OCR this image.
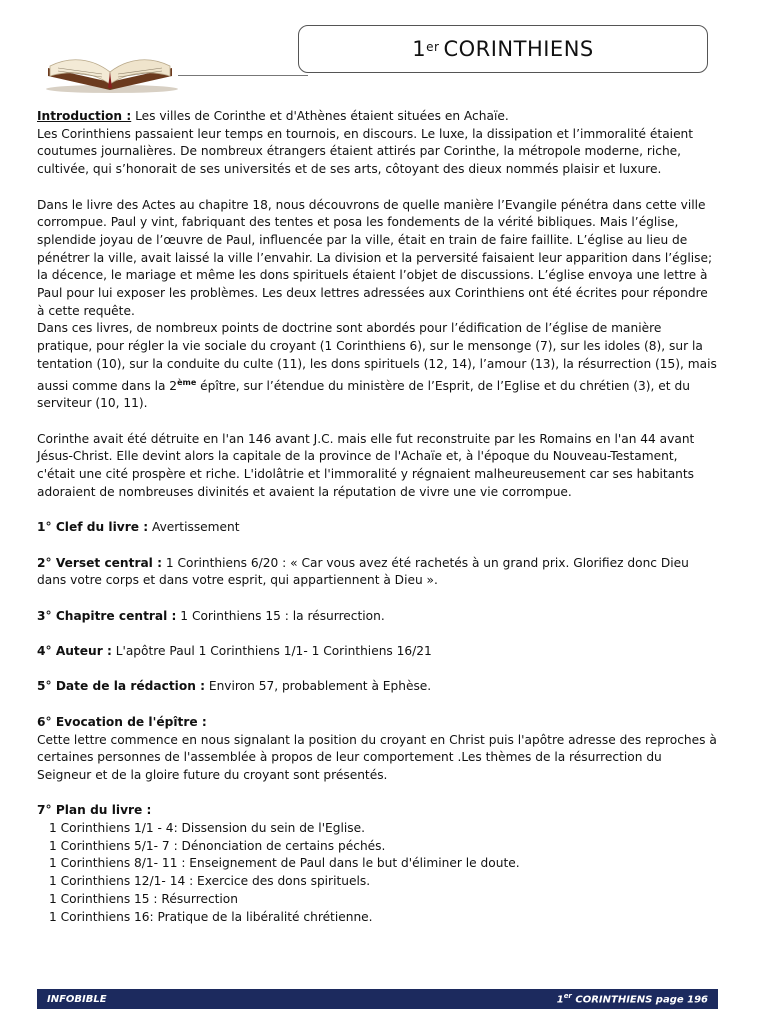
1er CORINTHIENS

Introduction : Les villes de Corinthe et d'Athènes étaient situées en Achaïe.

Les Corinthiens passaient leur temps en tournois, en discours. Le luxe, la dissipation et l’immoralité étaient coutumes journalières. De nombreux étrangers étaient attirés par Corinthe, la métropole moderne, riche, cultivée, qui s’honorait de ses universités et de ses arts, côtoyant des dieux nommés plaisir et luxure.

Dans le livre des Actes au chapitre 18, nous découvrons de quelle manière l’Evangile pénétra dans cette ville corrompue. Paul y vint, fabriquant des tentes et posa les fondements de la vérité bibliques. Mais l’église, splendide joyau de l’œuvre de Paul, influencée par la ville, était en train de faire faillite. L’église au lieu de pénétrer la ville, avait laissé la ville l’envahir. La division et la perversité faisaient leur apparition dans l’église; la décence, le mariage et même les dons spirituels étaient l’objet de discussions. L’église envoya une lettre à Paul pour lui exposer les problèmes. Les deux lettres adressées aux Corinthiens ont été écrites pour répondre à cette requête.

Dans ces livres, de nombreux points de doctrine sont abordés pour l’édification de l’église de manière pratique, pour régler la vie sociale du croyant (1 Corinthiens 6), sur le mensonge (7), sur les idoles (8), sur la tentation (10), sur la conduite du culte (11), les dons spirituels (12, 14), l’amour (13), la résurrection (15), mais aussi comme dans la 2ème épître, sur l’étendue du ministère de l’Esprit, de l’Eglise et du chrétien (3), et du serviteur (10, 11).

Corinthe avait été détruite en l'an 146 avant J.C. mais elle fut reconstruite par les Romains en l'an 44 avant Jésus-Christ. Elle devint alors la capitale de la province de l'Achaïe et, à l'époque du Nouveau-Testament, c'était une cité prospère et riche. L'idolâtrie et l'immoralité y régnaient malheureusement car ses habitants adoraient de nombreuses divinités et avaient la réputation de vivre une vie corrompue.

1° Clef du livre : Avertissement

2° Verset central : 1 Corinthiens 6/20 : « Car vous avez été rachetés à un grand prix. Glorifiez donc Dieu dans votre corps et dans votre esprit, qui appartiennent à Dieu ».

3° Chapitre central : 1 Corinthiens 15 : la résurrection.

4° Auteur : L'apôtre Paul 1 Corinthiens 1/1- 1 Corinthiens 16/21

5° Date de la rédaction : Environ 57, probablement à Ephèse.

6° Evocation de l'épître :

Cette lettre commence en nous signalant la position du croyant en Christ puis l'apôtre adresse des reproches à certaines personnes de l'assemblée à propos de leur comportement .Les thèmes de la résurrection du Seigneur et de la gloire future du croyant sont présentés.

7° Plan du livre :

1 Corinthiens 1/1 - 4: Dissension du sein de l'Eglise.

1 Corinthiens 5/1- 7 : Dénonciation de certains péchés.

1 Corinthiens 8/1- 11 : Enseignement de Paul dans le but d'éliminer le doute.

1 Corinthiens 12/1- 14 : Exercice des dons spirituels.

1 Corinthiens 15 : Résurrection

1 Corinthiens 16: Pratique de la libéralité chrétienne.

INFOBIBLE	1er CORINTHIENS page 196
